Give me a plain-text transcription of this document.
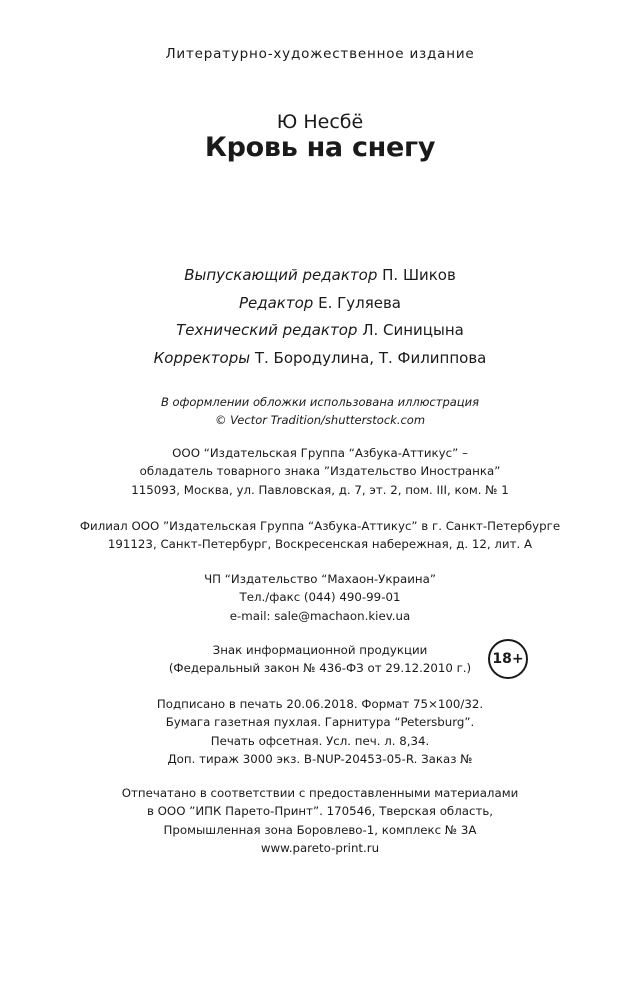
Литературно-художественное издание
Ю Несбё
Кровь на снегу
Выпускающий редактор П. Шиков
Редактор Е. Гуляева
Технический редактор Л. Синицына
Корректоры Т. Бородулина, Т. Филиппова
В оформлении обложки использована иллюстрация
© Vector Tradition/shutterstock.com
ООО “Издательская Группа “Азбука-Аттикус” –
обладатель товарного знака ”Издательство Иностранка”
115093, Москва, ул. Павловская, д. 7, эт. 2, пом. III, ком. № 1
Филиал ООО ”Издательская Группа “Азбука-Аттикус” в г. Санкт-Петербурге
191123, Санкт-Петербург, Воскресенская набережная, д. 12, лит. А
ЧП “Издательство “Махаон-Украина”
Тел./факс (044) 490-99-01
e-mail: sale@machaon.kiev.ua
Знак информационной продукции
(Федеральный закон № 436-ФЗ от 29.12.2010 г.)
18+
Подписано в печать 20.06.2018. Формат 75×100/32.
Бумага газетная пухлая. Гарнитура “Petersburg”.
Печать офсетная. Усл. печ. л. 8,34.
Доп. тираж 3000 экз. B-NUP-20453-05-R. Заказ №
Отпечатано в соответствии с предоставленными материалами
в ООО ”ИПК Парето-Принт”. 170546, Тверская область,
Промышленная зона Боровлево-1, комплекс № 3А
www.pareto-print.ru
